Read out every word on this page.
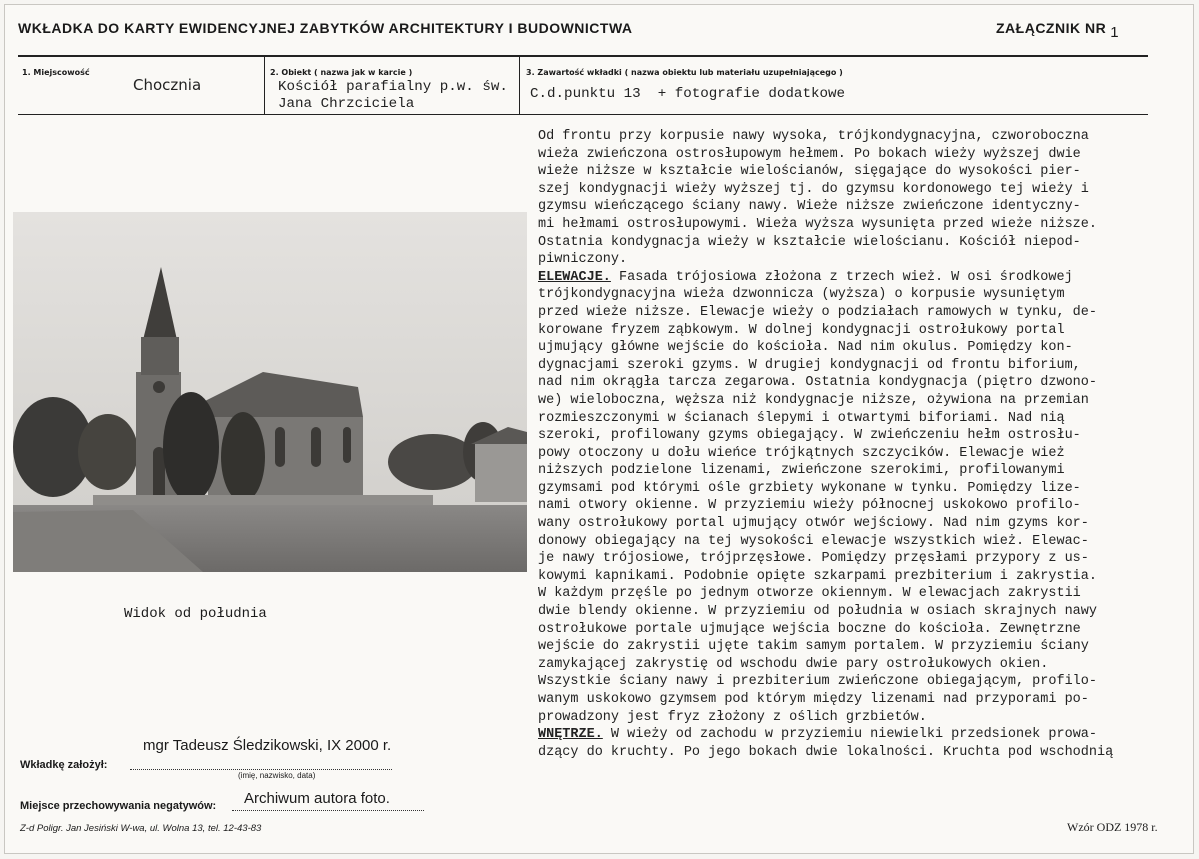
WKŁADKA DO KARTY EWIDENCYJNEJ ZABYTKÓW ARCHITEKTURY I BUDOWNICTWA	ZAŁĄCZNIK NR 1
1. Miejscowość
Chocznia
2. Obiekt ( nazwa jak w karcie )
Kościół parafialny p.w. św.
Jana Chrzciciela
3. Zawartość wkładki ( nazwa obiektu lub materiału uzupełniającego )
C.d.punktu 13  + fotografie dodatkowe
Widok od południa
Od frontu przy korpusie nawy wysoka, trójkondygnacyjna, czworoboczna
wieża zwieńczona ostrosłupowym hełmem. Po bokach wieży wyższej dwie
wieże niższe w kształcie wielościanów, sięgające do wysokości pier-
szej kondygnacji wieży wyższej tj. do gzymsu kordonowego tej wieży i
gzymsu wieńczącego ściany nawy. Wieże niższe zwieńczone identyczny-
mi hełmami ostrosłupowymi. Wieża wyższa wysunięta przed wieże niższe.
Ostatnia kondygnacja wieży w kształcie wielościanu. Kościół niepod-
piwniczony.
ELEWACJE. Fasada trójosiowa złożona z trzech wież. W osi środkowej
trójkondygnacyjna wieża dzwonnicza (wyższa) o korpusie wysuniętym
przed wieże niższe. Elewacje wieży o podziałach ramowych w tynku, de-
korowane fryzem ząbkowym. W dolnej kondygnacji ostrołukowy portal
ujmujący główne wejście do kościoła. Nad nim okulus. Pomiędzy kon-
dygnacjami szeroki gzyms. W drugiej kondygnacji od frontu biforium,
nad nim okrągła tarcza zegarowa. Ostatnia kondygnacja (piętro dzwono-
we) wieloboczna, węższa niż kondygnacje niższe, ożywiona na przemian
rozmieszczonymi w ścianach ślepymi i otwartymi biforiami. Nad nią
szeroki, profilowany gzyms obiegający. W zwieńczeniu hełm ostrosłu-
powy otoczony u dołu wieńce trójkątnych szczycików. Elewacje wież
niższych podzielone lizenami, zwieńczone szerokimi, profilowanymi
gzymsami pod którymi ośle grzbiety wykonane w tynku. Pomiędzy lize-
nami otwory okienne. W przyziemiu wieży północnej uskokowo profilo-
wany ostrołukowy portal ujmujący otwór wejściowy. Nad nim gzyms kor-
donowy obiegający na tej wysokości elewacje wszystkich wież. Elewac-
je nawy trójosiowe, trójprzęsłowe. Pomiędzy przęsłami przypory z us-
kowymi kapnikami. Podobnie opięte szkarpami prezbiterium i zakrystia.
W każdym przęśle po jednym otworze okiennym. W elewacjach zakrystii
dwie blendy okienne. W przyziemiu od południa w osiach skrajnych nawy
ostrołukowe portale ujmujące wejścia boczne do kościoła. Zewnętrzne
wejście do zakrystii ujęte takim samym portalem. W przyziemiu ściany
zamykającej zakrystię od wschodu dwie pary ostrołukowych okien.
Wszystkie ściany nawy i prezbiterium zwieńczone obiegającym, profilo-
wanym uskokowo gzymsem pod którym między lizenami nad przyporami po-
prowadzony jest fryz złożony z oślich grzbietów.
WNĘTRZE. W wieży od zachodu w przyziemiu niewielki przedsionek prowa-
dzący do kruchty. Po jego bokach dwie lokalności. Kruchta pod wschodnią
mgr Tadeusz Śledzikowski, IX 2000 r.
Wkładkę założył:
(imię, nazwisko, data)
Archiwum autora foto.
Miejsce przechowywania negatywów:
Z-d Poligr. Jan Jesiński W-wa, ul. Wolna 13, tel. 12-43-83	Wzór ODZ 1978 r.
